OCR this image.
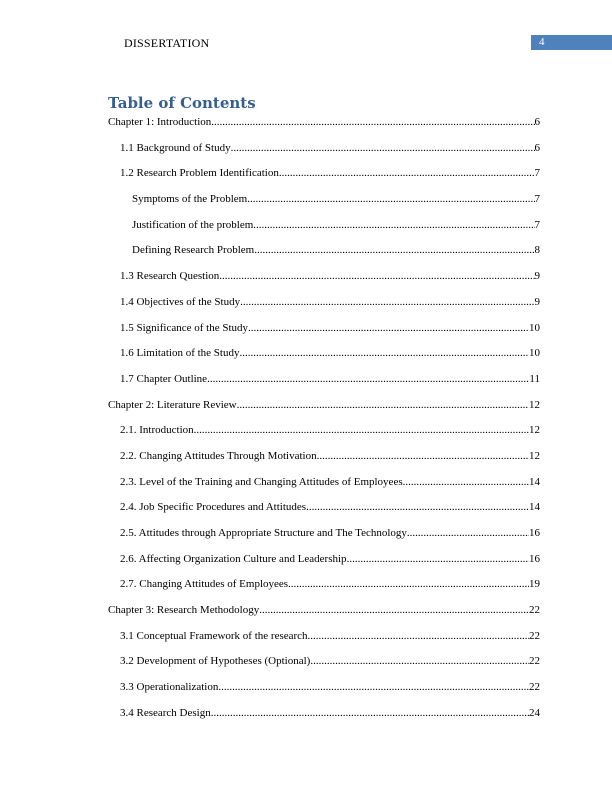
DISSERTATION	4
Table of Contents
Chapter 1: Introduction .....	6
1.1 Background of Study .....	6
1.2 Research Problem Identification .....	7
Symptoms of the Problem .....	7
Justification of the problem .....	7
Defining Research Problem .....	8
1.3 Research Question .....	9
1.4 Objectives of the Study .....	9
1.5 Significance of the Study .....	10
1.6 Limitation of the Study .....	10
1.7 Chapter Outline .....	11
Chapter 2: Literature Review .....	12
2.1. Introduction .....	12
2.2. Changing Attitudes Through Motivation .....	12
2.3. Level of the Training and Changing Attitudes of Employees .....	14
2.4. Job Specific Procedures and Attitudes .....	14
2.5. Attitudes through Appropriate Structure and The Technology .....	16
2.6. Affecting Organization Culture and Leadership .....	16
2.7. Changing Attitudes of Employees .....	19
Chapter 3: Research Methodology .....	22
3.1 Conceptual Framework of the research .....	22
3.2 Development of Hypotheses (Optional) .....	22
3.3 Operationalization .....	22
3.4 Research Design .....	24
